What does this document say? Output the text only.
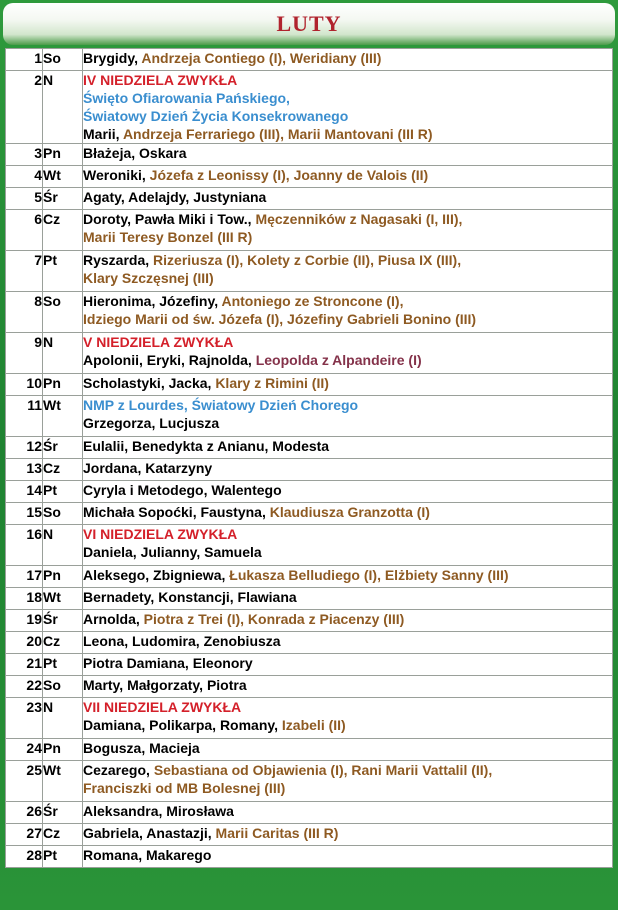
LUTY
1	So	Brygidy, Andrzeja Contiego (I), Weridiany (III)

2	N	IV NIEDZIELA ZWYKŁA
Święto Ofiarowania Pańskiego,
Światowy Dzień Życia Konsekrowanego
Marii, Andrzeja Ferrariego (III), Marii Mantovani (III R)

3	Pn	Błażeja, Oskara

4	Wt	Weroniki, Józefa z Leonissy (I), Joanny de Valois (II)

5	Śr	Agaty, Adelajdy, Justyniana

6	Cz	Doroty, Pawła Miki i Tow., Męczenników z Nagasaki (I, III),
Marii Teresy Bonzel (III R)

7	Pt	Ryszarda, Rizeriusza (I), Kolety z Corbie (II), Piusa IX (III),
Klary Szczęsnej (III)

8	So	Hieronima, Józefiny, Antoniego ze Stroncone (I),
Idziego Marii od św. Józefa (I), Józefiny Gabrieli Bonino (III)

9	N	V NIEDZIELA ZWYKŁA
Apolonii, Eryki, Rajnolda, Leopolda z Alpandeire (I)

10	Pn	Scholastyki, Jacka, Klary z Rimini (II)

11	Wt	NMP z Lourdes, Światowy Dzień Chorego
Grzegorza, Lucjusza

12	Śr	Eulalii, Benedykta z Anianu, Modesta

13	Cz	Jordana, Katarzyny

14	Pt	Cyryla i Metodego, Walentego

15	So	Michała Sopoćki, Faustyna, Klaudiusza Granzotta (I)

16	N	VI NIEDZIELA ZWYKŁA
Daniela, Julianny, Samuela

17	Pn	Aleksego, Zbigniewa, Łukasza Belludiego (I), Elżbiety Sanny (III)

18	Wt	Bernadety, Konstancji, Flawiana

19	Śr	Arnolda, Piotra z Trei (I), Konrada z Piacenzy (III)

20	Cz	Leona, Ludomira, Zenobiusza

21	Pt	Piotra Damiana, Eleonory

22	So	Marty, Małgorzaty, Piotra

23	N	VII NIEDZIELA ZWYKŁA
Damiana, Polikarpa, Romany, Izabeli (II)

24	Pn	Bogusza, Macieja

25	Wt	Cezarego, Sebastiana od Objawienia (I), Rani Marii Vattalil (II),
Franciszki od MB Bolesnej (III)

26	Śr	Aleksandra, Mirosława

27	Cz	Gabriela, Anastazji, Marii Caritas (III R)

28	Pt	Romana, Makarego
